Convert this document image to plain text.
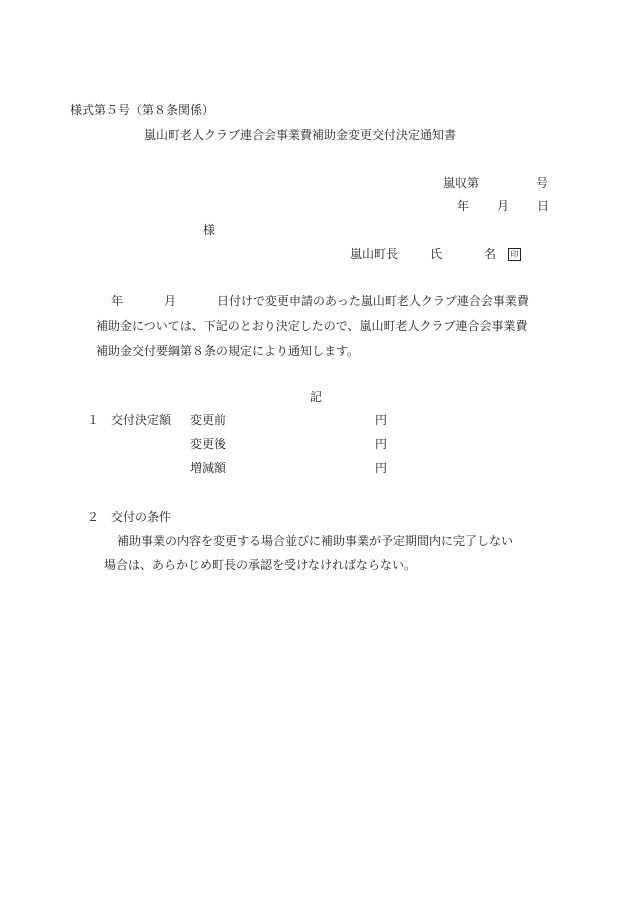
様式第５号（第８条関係）
嵐山町老人クラブ連合会事業費補助金変更交付決定通知書
嵐収第	号
年 月 日
様
嵐山町長	氏	名	印
年	月	日付けで変更申請のあった嵐山町老人クラブ連合会事業費
補助金については、下記のとおり決定したので、嵐山町老人クラブ連合会事業費
補助金交付要綱第８条の規定により通知します。
記
１ 交付決定額 変更前	円
変更後	円
増減額	円
２ 交付の条件
補助事業の内容を変更する場合並びに補助事業が予定期間内に完了しない
場合は、あらかじめ町長の承認を受けなければならない。
